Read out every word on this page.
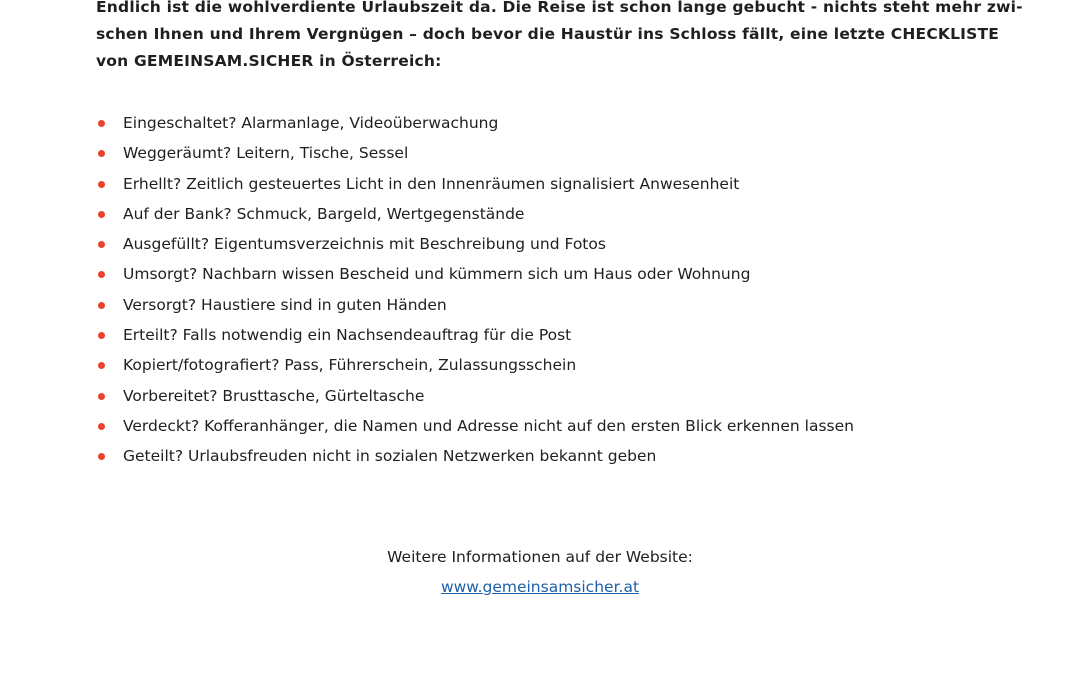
Endlich ist die wohlverdiente Urlaubszeit da. Die Reise ist schon lange gebucht - nichts steht mehr zwi-
schen Ihnen und Ihrem Vergnügen – doch bevor die Haustür ins Schloss fällt, eine letzte CHECKLISTE
von GEMEINSAM.SICHER in Österreich:
Eingeschaltet? Alarmanlage, Videoüberwachung
Weggeräumt? Leitern, Tische, Sessel
Erhellt? Zeitlich gesteuertes Licht in den Innenräumen signalisiert Anwesenheit
Auf der Bank? Schmuck, Bargeld, Wertgegenstände
Ausgefüllt? Eigentumsverzeichnis mit Beschreibung und Fotos
Umsorgt? Nachbarn wissen Bescheid und kümmern sich um Haus oder Wohnung
Versorgt? Haustiere sind in guten Händen
Erteilt? Falls notwendig ein Nachsendeauftrag für die Post
Kopiert/fotografiert? Pass, Führerschein, Zulassungsschein
Vorbereitet? Brusttasche, Gürteltasche
Verdeckt? Kofferanhänger, die Namen und Adresse nicht auf den ersten Blick erkennen lassen
Geteilt? Urlaubsfreuden nicht in sozialen Netzwerken bekannt geben
Weitere Informationen auf der Website:
www.gemeinsamsicher.at
